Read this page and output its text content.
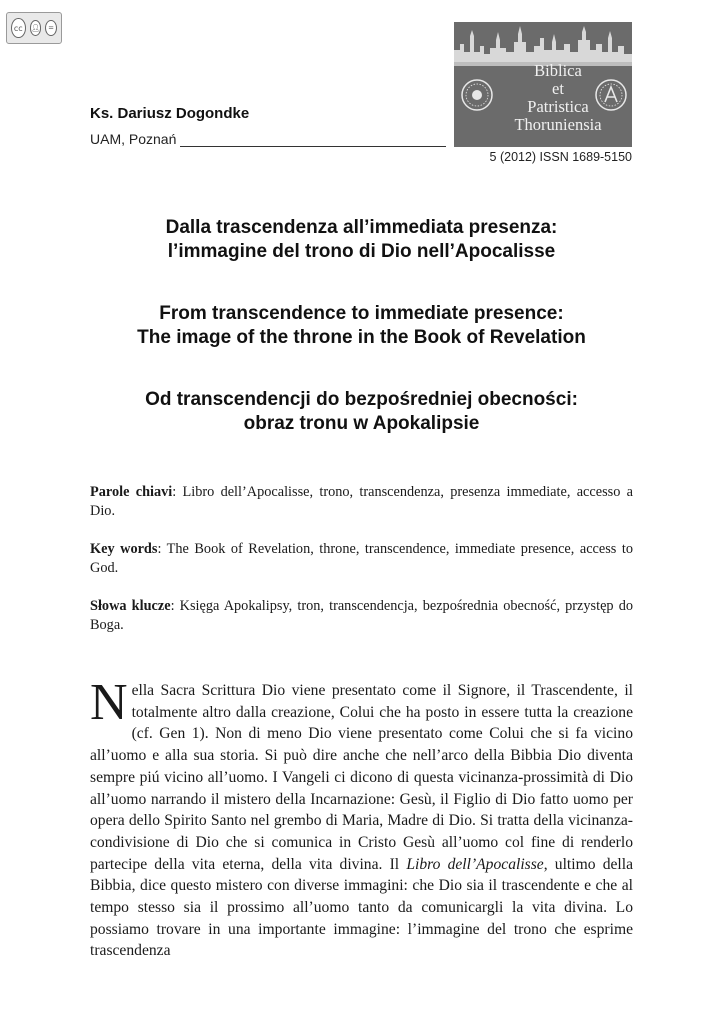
cc	👤︎	=
Biblica
et
Patristica
Thoruniensia
5 (2012) ISSN 1689-5150
Ks. Dariusz Dogondke
UAM, Poznań
Dalla trascendenza all’immediata presenza:
l’immagine del trono di Dio nell’Apocalisse
From transcendence to immediate presence:
The image of the throne in the Book of Revelation
Od transcendencji do bezpośredniej obecności:
obraz tronu w Apokalipsie
Parole chiavi: Libro dell’Apocalisse, trono, transcendenza, presenza immediate, accesso a Dio.
Key words: The Book of Revelation, throne, transcendence, immediate presence, access to God.
Słowa klucze: Księga Apokalipsy, tron, transcendencja, bezpośrednia obecność, przystęp do Boga.
Nella Sacra Scrittura Dio viene presentato come il Signore, il Trascendente, il totalmente altro dalla creazione, Colui che ha posto in essere tutta la creazione (cf. Gen 1). Non di meno Dio viene presentato come Colui che si fa vicino all’uomo e alla sua storia. Si può dire anche che nell’arco della Bibbia Dio diventa sempre piú vicino all’uomo. I Vangeli ci dicono di questa vicinanza-prossimità di Dio all’uomo narrando il mistero della Incarnazione: Gesù, il Figlio di Dio fatto uomo per opera dello Spirito Santo nel grembo di Maria, Madre di Dio. Si tratta della vicinanza-condivisione di Dio che si comunica in Cristo Gesù all’uomo col fine di renderlo partecipe della vita eterna, della vita divina. Il Libro dell’Apocalisse, ultimo della Bibbia, dice questo mistero con diverse immagini: che Dio sia il trascendente e che al tempo stesso sia il prossimo all’uomo tanto da comunicargli la vita divina. Lo possiamo trovare in una importante immagine: l’immagine del trono che esprime trascendenza
